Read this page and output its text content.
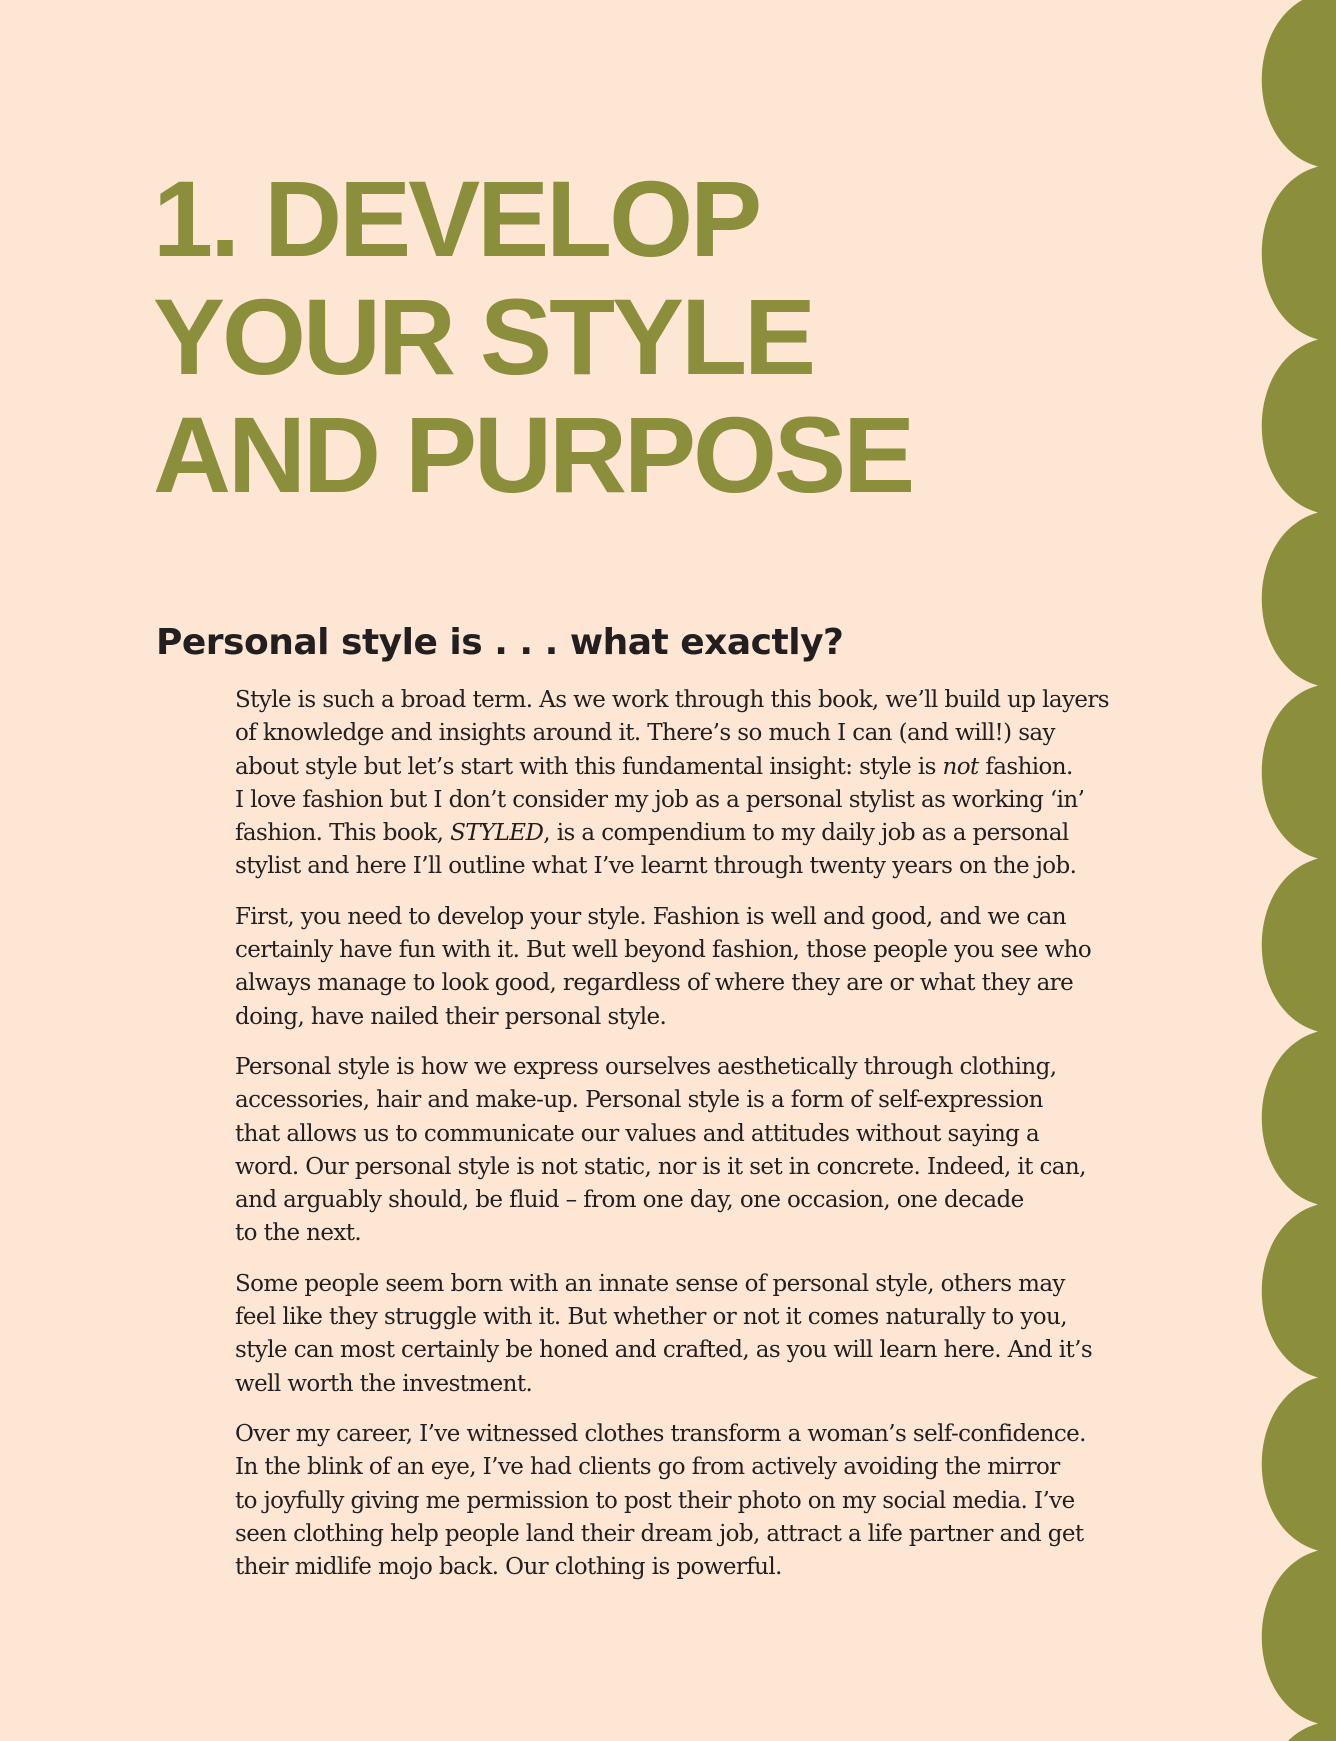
1. DEVELOP
YOUR STYLE
AND PURPOSE
Personal style is . . . what exactly?

Style is such a broad term. As we work through this book, we’ll build up layers
of knowledge and insights around it. There’s so much I can (and will!) say
about style but let’s start with this fundamental insight: style is not fashion.
I love fashion but I don’t consider my job as a personal stylist as working ‘in’
fashion. This book, STYLED, is a compendium to my daily job as a personal
stylist and here I’ll outline what I’ve learnt through twenty years on the job.

First, you need to develop your style. Fashion is well and good, and we can
certainly have fun with it. But well beyond fashion, those people you see who
always manage to look good, regardless of where they are or what they are
doing, have nailed their personal style.

Personal style is how we express ourselves aesthetically through clothing,
accessories, hair and make-up. Personal style is a form of self-expression
that allows us to communicate our values and attitudes without saying a
word. Our personal style is not static, nor is it set in concrete. Indeed, it can,
and arguably should, be fluid – from one day, one occasion, one decade
to the next.

Some people seem born with an innate sense of personal style, others may
feel like they struggle with it. But whether or not it comes naturally to you,
style can most certainly be honed and crafted, as you will learn here. And it’s
well worth the investment.

Over my career, I’ve witnessed clothes transform a woman’s self-confidence.
In the blink of an eye, I’ve had clients go from actively avoiding the mirror
to joyfully giving me permission to post their photo on my social media. I’ve
seen clothing help people land their dream job, attract a life partner and get
their midlife mojo back. Our clothing is powerful.
